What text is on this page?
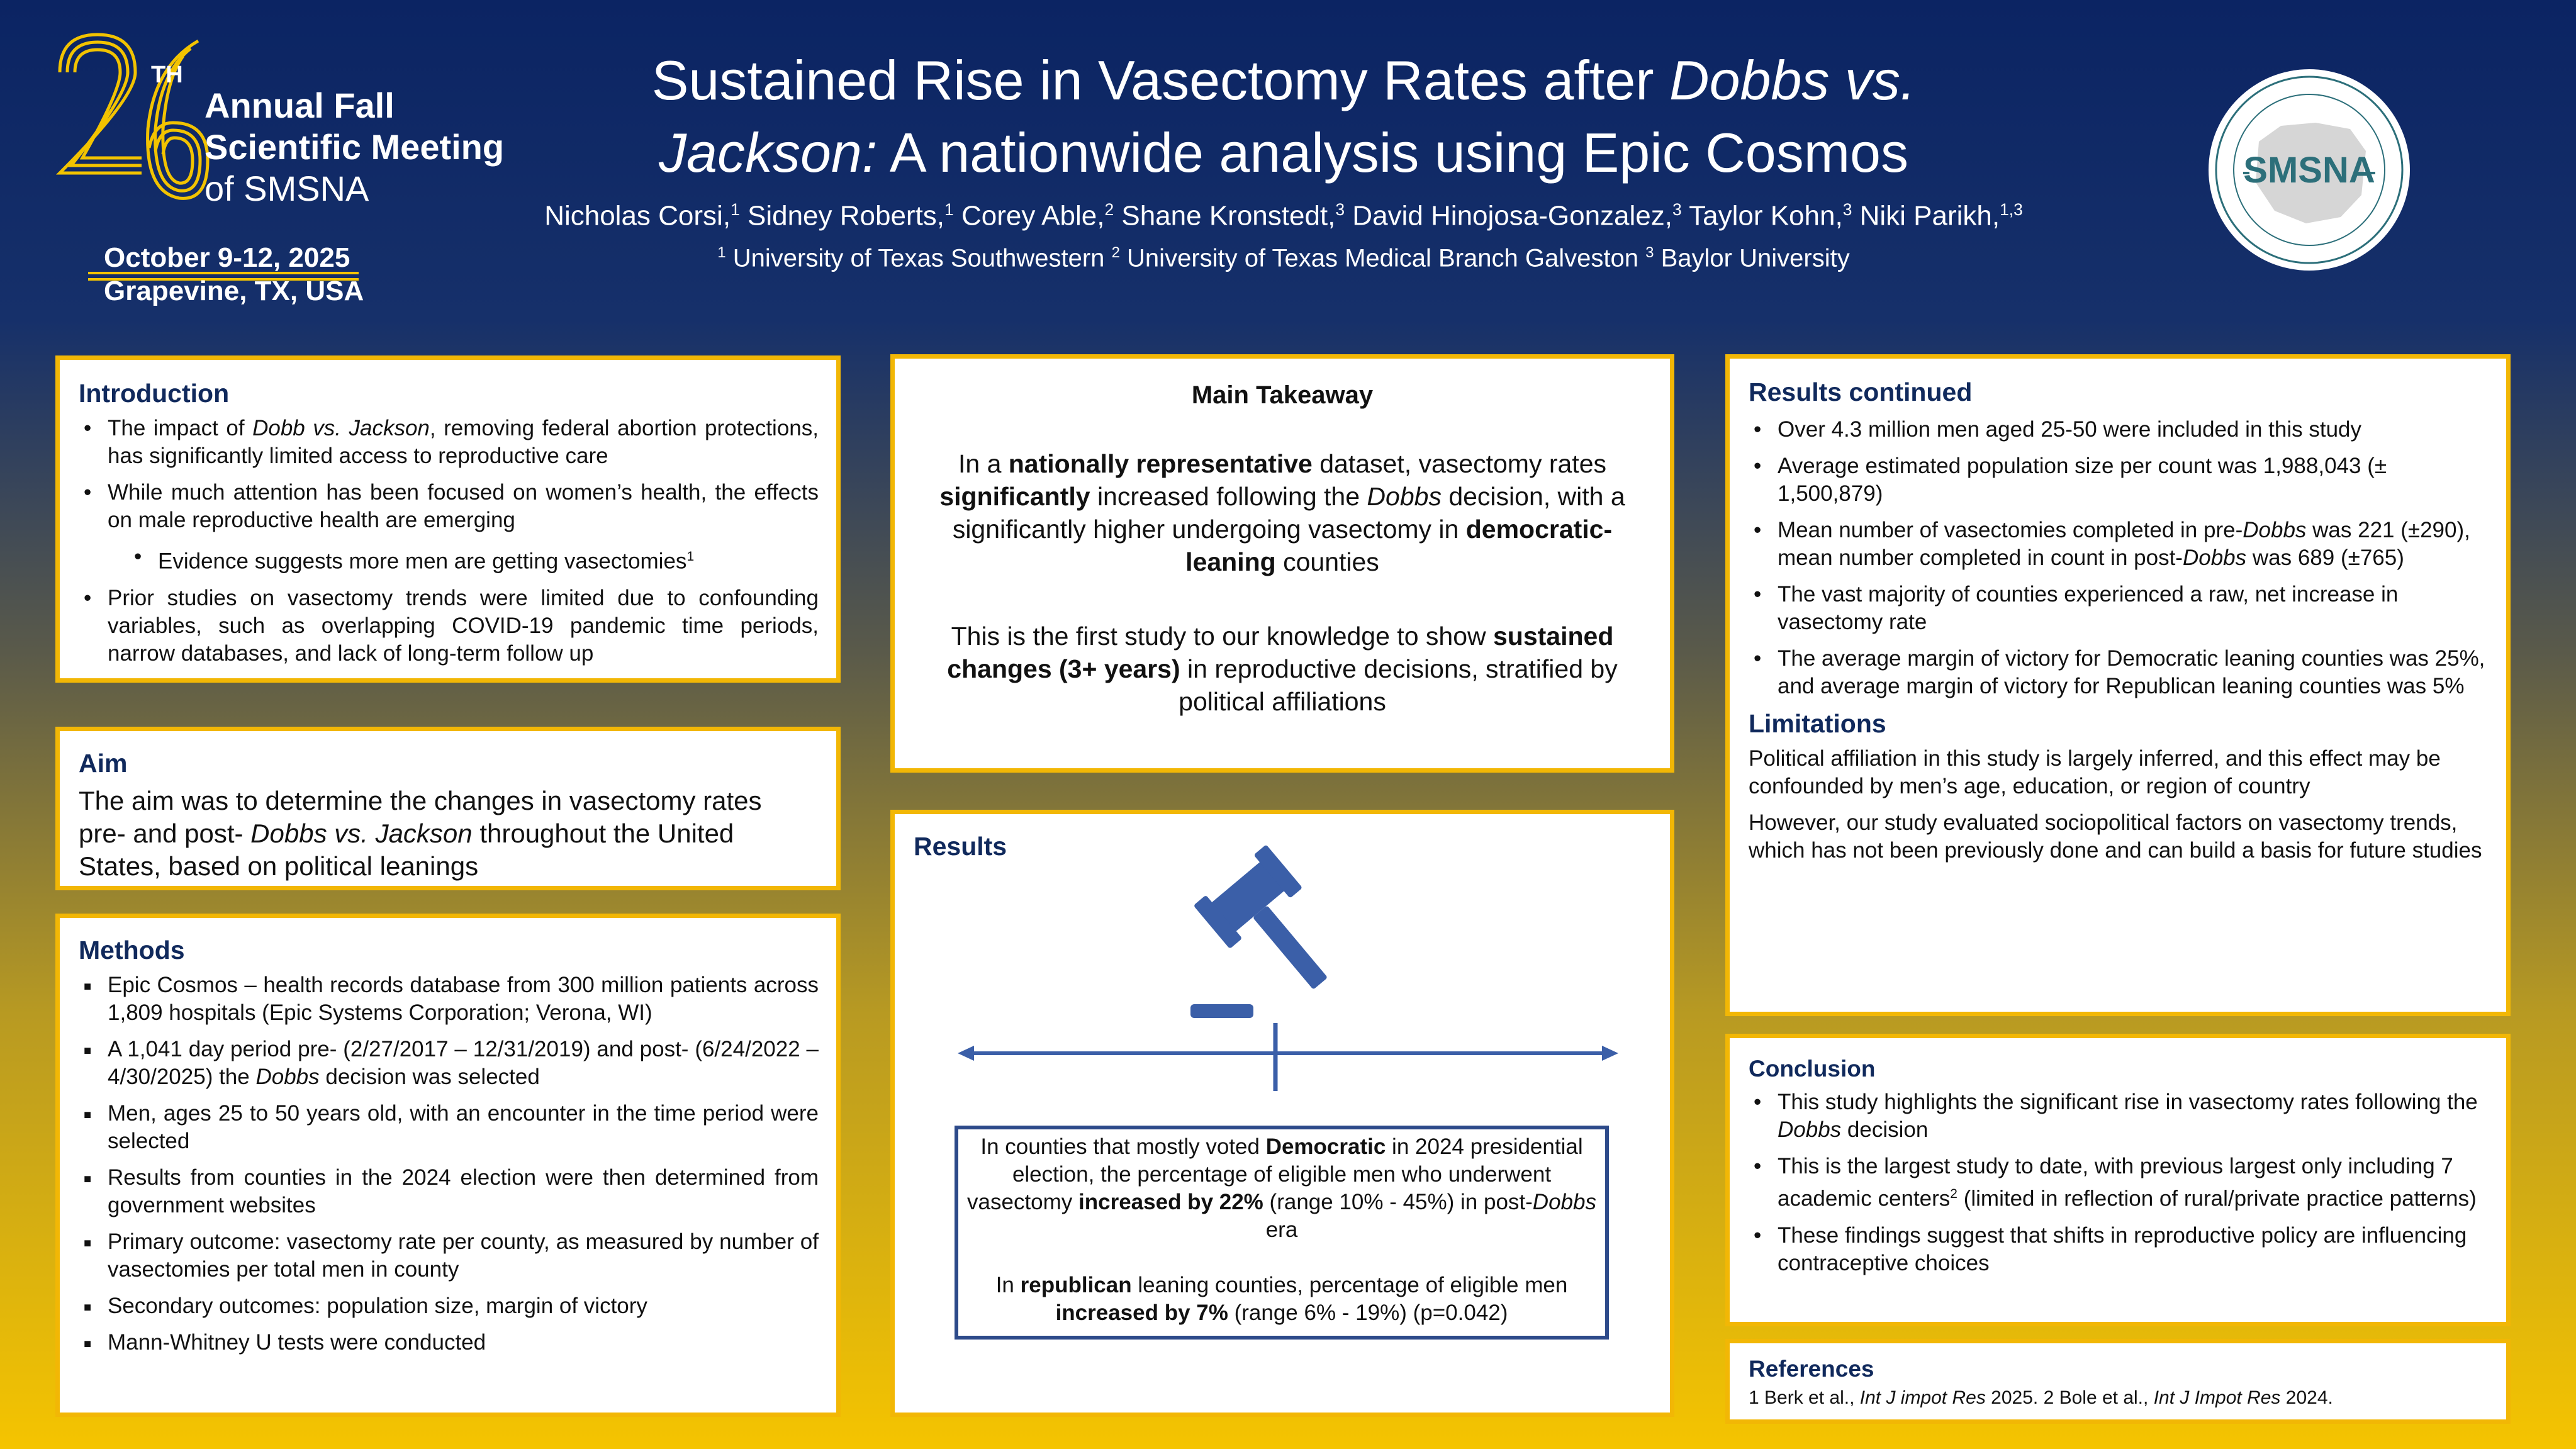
TH
Annual Fall
Scientific Meeting
of SMSNA
October 9-12, 2025
Grapevine, TX, USA
Sustained Rise in Vasectomy Rates after Dobbs vs.
Jackson: A nationwide analysis using Epic Cosmos
Nicholas Corsi,$^1$ Sidney Roberts,$^1$ Corey Able,$^2$ Shane Kronstedt,$^3$ David Hinojosa-Gonzalez,$^3$ Taylor Kohn,$^3$ Niki Parikh,$^{1,3}$
$^1$ University of Texas Southwestern $^2$ University of Texas Medical Branch Galveston $^3$ Baylor University
SMSNA
Introduction
• The impact of Dobb vs. Jackson, removing federal abortion protections, has significantly limited access to reproductive care
• While much attention has been focused on women’s health, the effects on male reproductive health are emerging
• Evidence suggests more men are getting vasectomies$^1$
• Prior studies on vasectomy trends were limited due to confounding variables, such as overlapping COVID-19 pandemic time periods, narrow databases, and lack of long-term follow up
Aim
The aim was to determine the changes in vasectomy rates pre- and post- Dobbs vs. Jackson throughout the United States, based on political leanings
Methods
■ Epic Cosmos – health records database from 300 million patients across 1,809 hospitals (Epic Systems Corporation; Verona, WI)
■ A 1,041 day period pre- (2/27/2017 – 12/31/2019) and post- (6/24/2022 – 4/30/2025) the Dobbs decision was selected
■ Men, ages 25 to 50 years old, with an encounter in the time period were selected
■ Results from counties in the 2024 election were then determined from government websites
■ Primary outcome: vasectomy rate per county, as measured by number of vasectomies per total men in county
■ Secondary outcomes: population size, margin of victory
■ Mann-Whitney U tests were conducted
Main Takeaway
In a nationally representative dataset, vasectomy rates significantly increased following the Dobbs decision, with a significantly higher undergoing vasectomy in democratic-leaning counties
This is the first study to our knowledge to show sustained changes (3+ years) in reproductive decisions, stratified by political affiliations
Results
In counties that mostly voted Democratic in 2024 presidential election, the percentage of eligible men who underwent vasectomy increased by 22% (range 10% - 45%) in post-Dobbs era
In republican leaning counties, percentage of eligible men increased by 7% (range 6% - 19%) (p=0.042)
Results continued
• Over 4.3 million men aged 25-50 were included in this study
• Average estimated population size per count was 1,988,043 (± 1,500,879)
• Mean number of vasectomies completed in pre-Dobbs was 221 (±290), mean number completed in count in post-Dobbs was 689 (±765)
• The vast majority of counties experienced a raw, net increase in vasectomy rate
• The average margin of victory for Democratic leaning counties was 25%, and average margin of victory for Republican leaning counties was 5%
Limitations
Political affiliation in this study is largely inferred, and this effect may be confounded by men’s age, education, or region of country
However, our study evaluated sociopolitical factors on vasectomy trends, which has not been previously done and can build a basis for future studies
Conclusion
• This study highlights the significant rise in vasectomy rates following the Dobbs decision
• This is the largest study to date, with previous largest only including 7 academic centers$^2$ (limited in reflection of rural/private practice patterns)
• These findings suggest that shifts in reproductive policy are influencing contraceptive choices
References
1 Berk et al., Int J impot Res 2025. 2 Bole et al., Int J Impot Res 2024.
